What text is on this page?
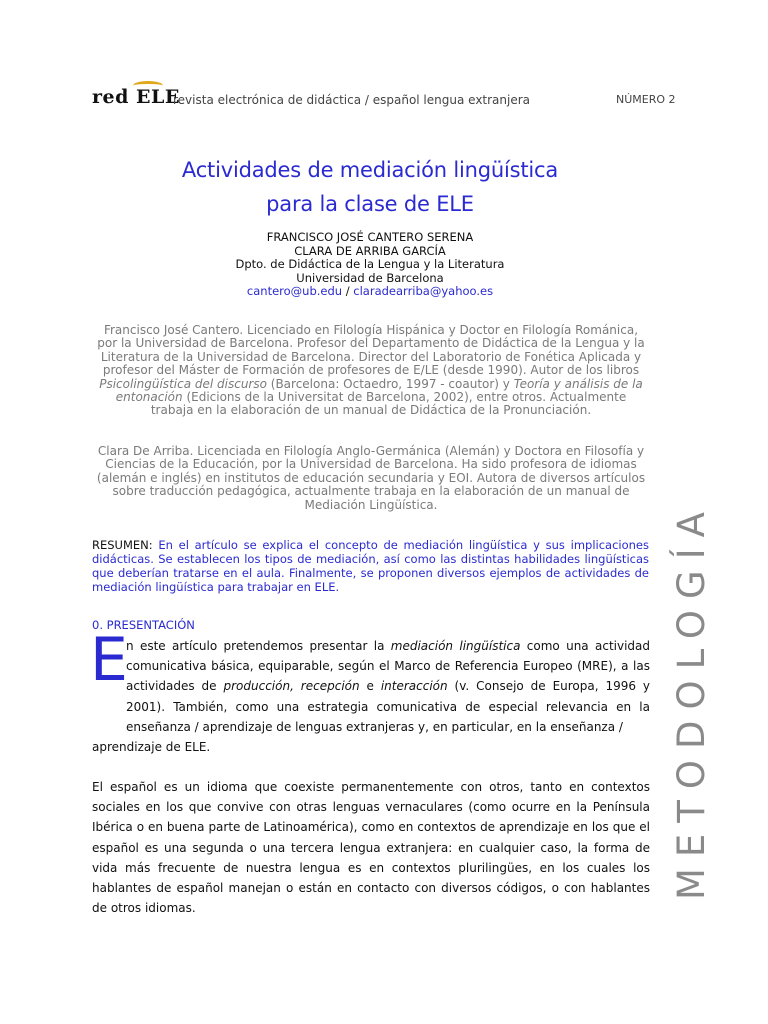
red ELE
revista electrónica de didáctica / español lengua extranjera	NÚMERO 2
Actividades de mediación lingüística
para la clase de ELE
FRANCISCO JOSÉ CANTERO SERENA
CLARA DE ARRIBA GARCÍA
Dpto. de Didáctica de la Lengua y la Literatura
Universidad de Barcelona
cantero@ub.edu / claradearriba@yahoo.es
Francisco José Cantero. Licenciado en Filología Hispánica y Doctor en Filología Románica, por la Universidad de Barcelona. Profesor del Departamento de Didáctica de la Lengua y la Literatura de la Universidad de Barcelona. Director del Laboratorio de Fonética Aplicada y profesor del Máster de Formación de profesores de E/LE (desde 1990). Autor de los libros Psicolingüística del discurso (Barcelona: Octaedro, 1997 - coautor) y Teoría y análisis de la entonación (Edicions de la Universitat de Barcelona, 2002), entre otros. Actualmente trabaja en la elaboración de un manual de Didáctica de la Pronunciación.
Clara De Arriba. Licenciada en Filología Anglo-Germánica (Alemán) y Doctora en Filosofía y Ciencias de la Educación, por la Universidad de Barcelona. Ha sido profesora de idiomas (alemán e inglés) en institutos de educación secundaria y EOI. Autora de diversos artículos sobre traducción pedagógica, actualmente trabaja en la elaboración de un manual de Mediación Lingüística.
RESUMEN: En el artículo se explica el concepto de mediación lingüística y sus implicaciones didácticas. Se establecen los tipos de mediación, así como las distintas habilidades lingüísticas que deberían tratarse en el aula. Finalmente, se proponen diversos ejemplos de actividades de mediación lingüística para trabajar en ELE.
0. PRESENTACIÓN
E
n este artículo pretendemos presentar la mediación lingüística como una actividad comunicativa básica, equiparable, según el Marco de Referencia Europeo (MRE), a las actividades de producción, recepción e interacción (v. Consejo de Europa, 1996 y 2001). También, como una estrategia comunicativa de especial relevancia en la enseñanza / aprendizaje de lenguas extranjeras y, en particular, en la enseñanza /
aprendizaje de ELE.
El español es un idioma que coexiste permanentemente con otros, tanto en contextos sociales en los que convive con otras lenguas vernaculares (como ocurre en la Península Ibérica o en buena parte de Latinoamérica), como en contextos de aprendizaje en los que el español es una segunda o una tercera lengua extranjera: en cualquier caso, la forma de vida más frecuente de nuestra lengua es en contextos plurilingües, en los cuales los hablantes de español manejan o están en contacto con diversos códigos, o con hablantes de otros idiomas.
METODOLOGÍA
